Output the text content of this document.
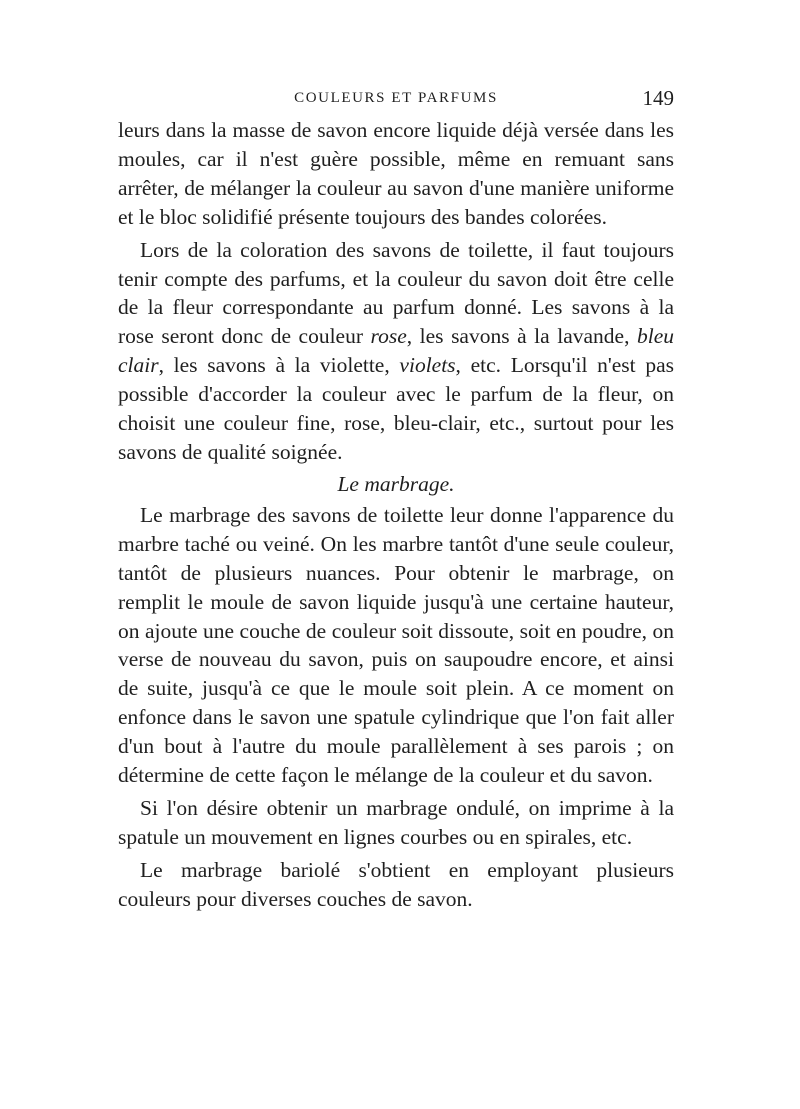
COULEURS ET PARFUMS	149

leurs dans la masse de savon encore liquide déjà versée dans les moules, car il n'est guère possible, même en remuant sans arrêter, de mélanger la couleur au savon d'une manière uniforme et le bloc solidifié présente toujours des bandes colorées.

Lors de la coloration des savons de toilette, il faut toujours tenir compte des parfums, et la couleur du savon doit être celle de la fleur correspondante au parfum donné. Les savons à la rose seront donc de couleur rose, les savons à la lavande, bleu clair, les savons à la violette, violets, etc. Lorsqu'il n'est pas possible d'accorder la couleur avec le parfum de la fleur, on choisit une couleur fine, rose, bleu-clair, etc., surtout pour les savons de qualité soignée.

Le marbrage.

Le marbrage des savons de toilette leur donne l'apparence du marbre taché ou veiné. On les marbre tantôt d'une seule couleur, tantôt de plusieurs nuances. Pour obtenir le marbrage, on remplit le moule de savon liquide jusqu'à une certaine hauteur, on ajoute une couche de couleur soit dissoute, soit en poudre, on verse de nouveau du savon, puis on saupoudre encore, et ainsi de suite, jusqu'à ce que le moule soit plein. A ce moment on enfonce dans le savon une spatule cylindrique que l'on fait aller d'un bout à l'autre du moule parallèlement à ses parois ; on détermine de cette façon le mélange de la couleur et du savon.

Si l'on désire obtenir un marbrage ondulé, on imprime à la spatule un mouvement en lignes courbes ou en spirales, etc.

Le marbrage bariolé s'obtient en employant plusieurs couleurs pour diverses couches de savon.
